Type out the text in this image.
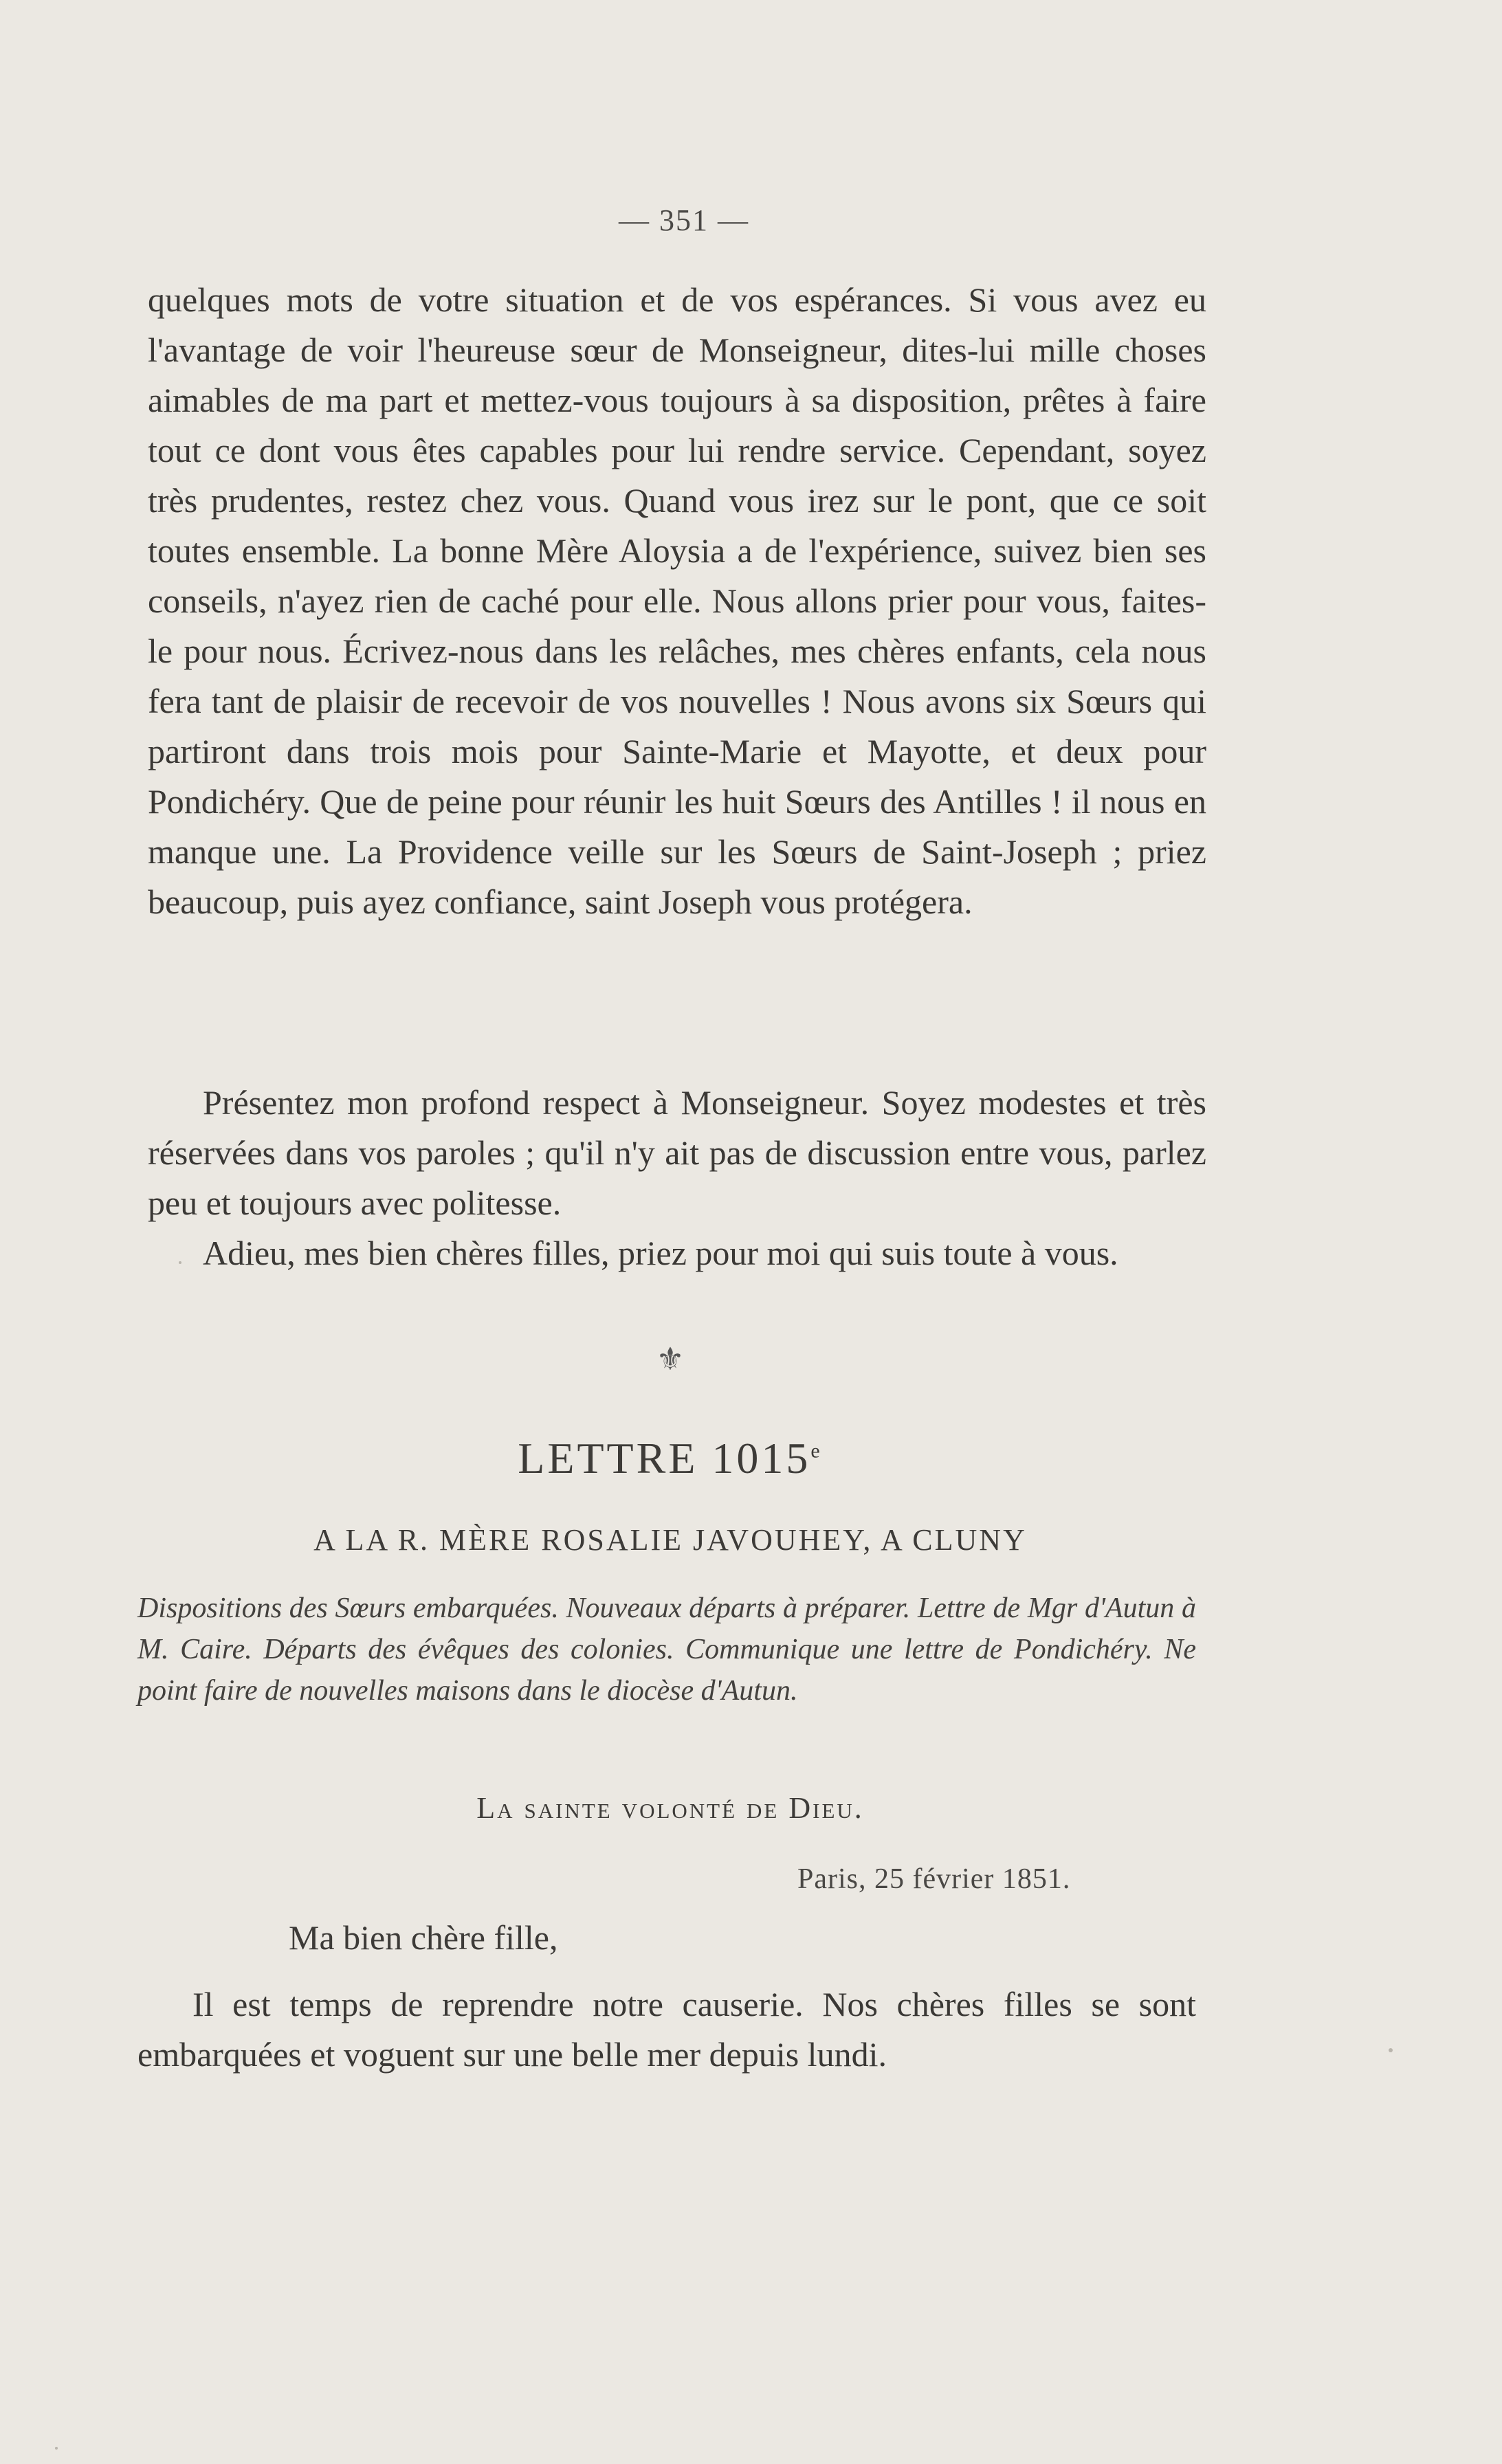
— 351 —

quelques mots de votre situation et de vos espérances. Si vous avez eu l'avantage de voir l'heureuse sœur de Monseigneur, dites-lui mille choses aimables de ma part et mettez-vous toujours à sa disposition, prêtes à faire tout ce dont vous êtes capables pour lui rendre service. Cependant, soyez très prudentes, restez chez vous. Quand vous irez sur le pont, que ce soit toutes ensemble. La bonne Mère Aloysia a de l'expérience, suivez bien ses conseils, n'ayez rien de caché pour elle. Nous allons prier pour vous, faites-le pour nous. Écrivez-nous dans les relâches, mes chères enfants, cela nous fera tant de plaisir de recevoir de vos nouvelles ! Nous avons six Sœurs qui partiront dans trois mois pour Sainte-Marie et Mayotte, et deux pour Pondichéry. Que de peine pour réunir les huit Sœurs des Antilles ! il nous en manque une. La Providence veille sur les Sœurs de Saint-Joseph ; priez beaucoup, puis ayez confiance, saint Joseph vous protégera.

Présentez mon profond respect à Monseigneur. Soyez modestes et très réservées dans vos paroles ; qu'il n'y ait pas de discussion entre vous, parlez peu et toujours avec politesse.

Adieu, mes bien chères filles, priez pour moi qui suis toute à vous.

⚜
LETTRE 1015e
A LA R. MÈRE ROSALIE JAVOUHEY, A CLUNY
Dispositions des Sœurs embarquées. Nouveaux départs à préparer. Lettre de Mgr d'Autun à M. Caire. Départs des évêques des colonies. Communique une lettre de Pondichéry. Ne point faire de nouvelles maisons dans le diocèse d'Autun.
La sainte volonté de Dieu.
Paris, 25 février 1851.
Ma bien chère fille,

Il est temps de reprendre notre causerie. Nos chères filles se sont embarquées et voguent sur une belle mer depuis lundi.
